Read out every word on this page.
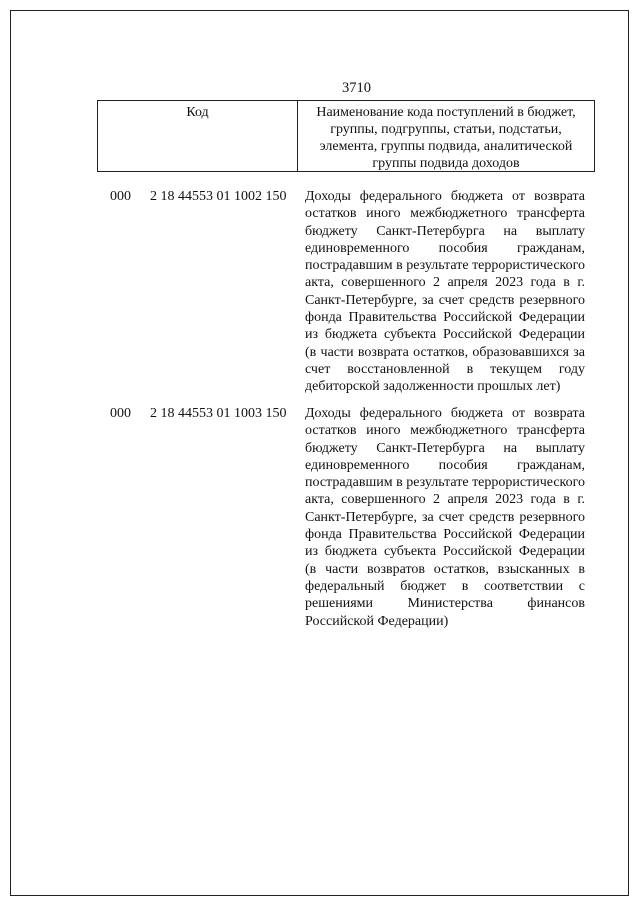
3710
Код	Наименование кода поступлений в бюджет, группы, подгруппы, статьи, подстатьи, элемента, группы подвида, аналитической группы подвида доходов
000 2 18 44553 01 1002 150 Доходы федерального бюджета от возврата остатков иного межбюджетного трансферта бюджету Санкт-Петербурга на выплату единовременного пособия гражданам, пострадавшим в результате террористического акта, совершенного 2 апреля 2023 года в г. Санкт-Петербурге, за счет средств резервного фонда Правительства Российской Федерации из бюджета субъекта Российской Федерации (в части возврата остатков, образовавшихся за счет восстановленной в текущем году дебиторской задолженности прошлых лет)
000 2 18 44553 01 1003 150 Доходы федерального бюджета от возврата остатков иного межбюджетного трансферта бюджету Санкт-Петербурга на выплату единовременного пособия гражданам, пострадавшим в результате террористического акта, совершенного 2 апреля 2023 года в г. Санкт-Петербурге, за счет средств резервного фонда Правительства Российской Федерации из бюджета субъекта Российской Федерации (в части возвратов остатков, взысканных в федеральный бюджет в соответствии с решениями Министерства финансов Российской Федерации)
